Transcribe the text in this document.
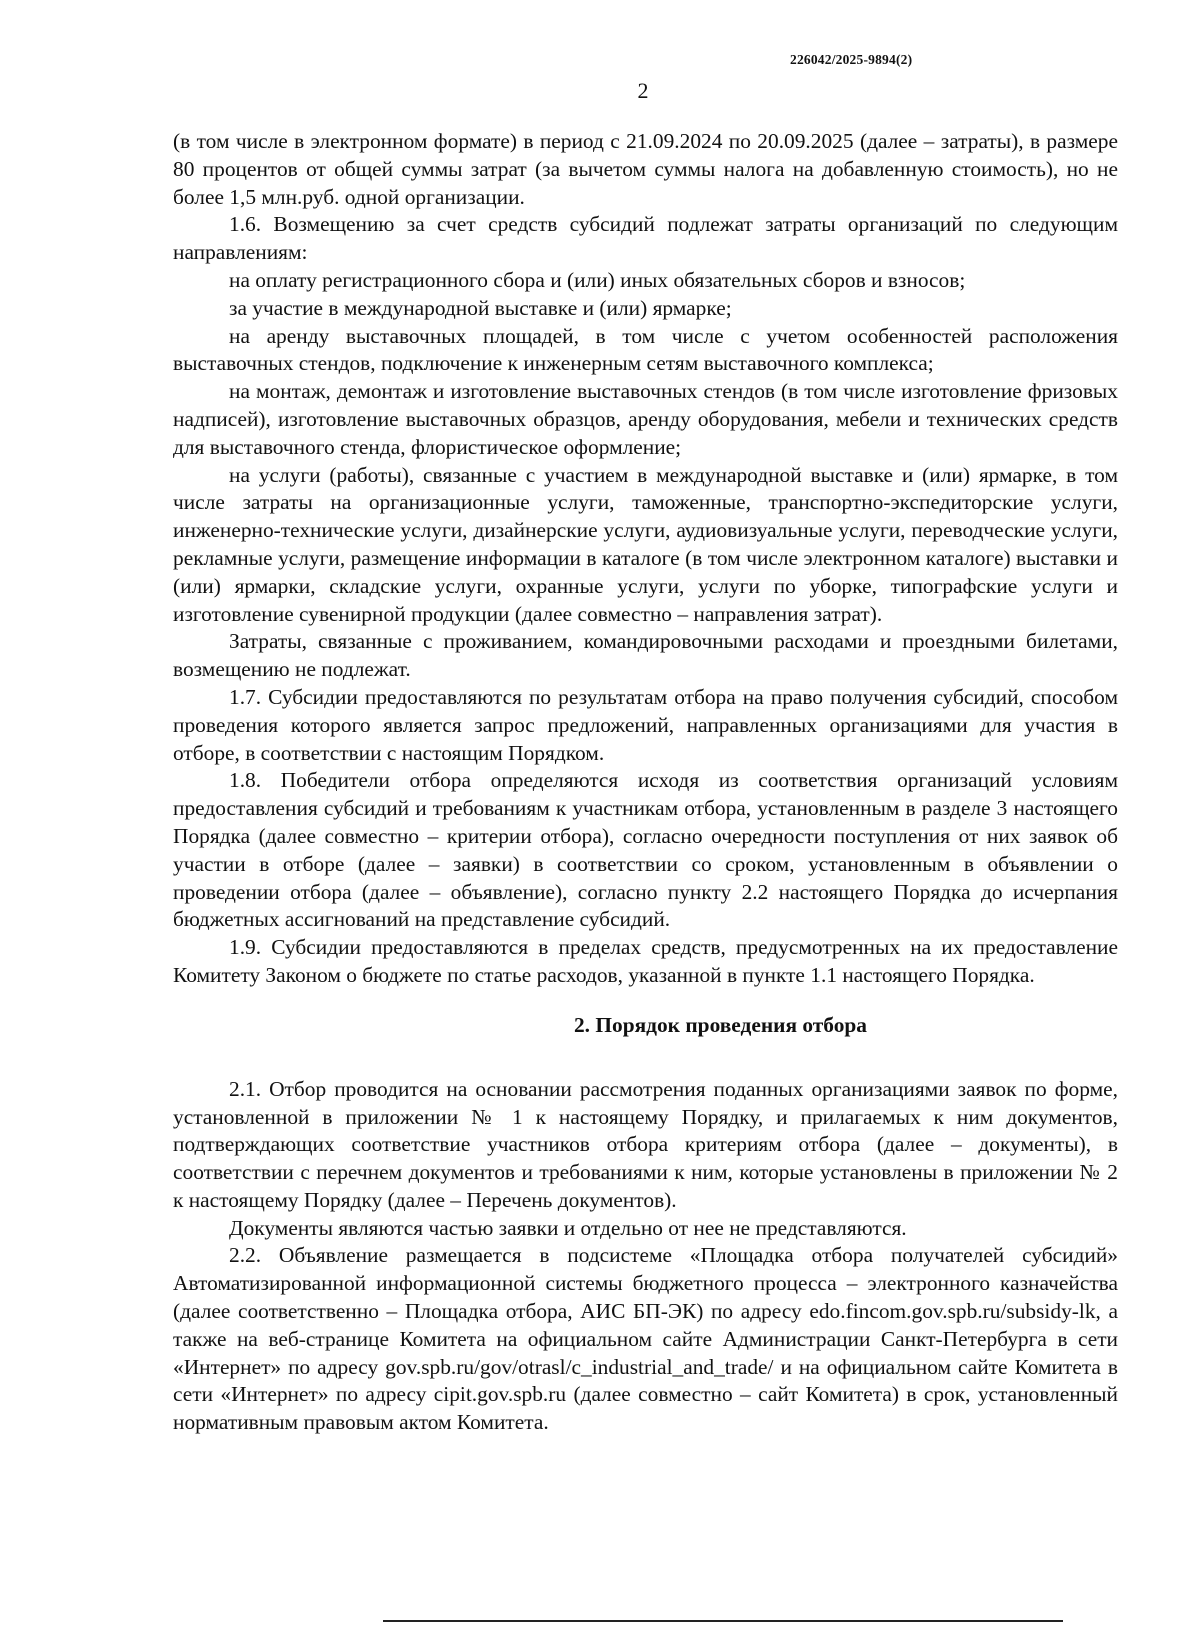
226042/2025-9894(2)
2

(в том числе в электронном формате) в период с 21.09.2024 по 20.09.2025 (далее – затраты), в размере 80 процентов от общей суммы затрат (за вычетом суммы налога на добавленную стоимость), но не более 1,5 млн.руб. одной организации.

1.6. Возмещению за счет средств субсидий подлежат затраты организаций по следующим направлениям:

на оплату регистрационного сбора и (или) иных обязательных сборов и взносов;

за участие в международной выставке и (или) ярмарке;

на аренду выставочных площадей, в том числе с учетом особенностей расположения выставочных стендов, подключение к инженерным сетям выставочного комплекса;

на монтаж, демонтаж и изготовление выставочных стендов (в том числе изготовление фризовых надписей), изготовление выставочных образцов, аренду оборудования, мебели и технических средств для выставочного стенда, флористическое оформление;

на услуги (работы), связанные с участием в международной выставке и (или) ярмарке, в том числе затраты на организационные услуги, таможенные, транспортно-экспедиторские услуги, инженерно-технические услуги, дизайнерские услуги, аудиовизуальные услуги, переводческие услуги, рекламные услуги, размещение информации в каталоге (в том числе электронном каталоге) выставки и (или) ярмарки, складские услуги, охранные услуги, услуги по уборке, типографские услуги и изготовление сувенирной продукции (далее совместно – направления затрат).

Затраты, связанные с проживанием, командировочными расходами и проездными билетами, возмещению не подлежат.

1.7. Субсидии предоставляются по результатам отбора на право получения субсидий, способом проведения которого является запрос предложений, направленных организациями для участия в отборе, в соответствии с настоящим Порядком.

1.8. Победители отбора определяются исходя из соответствия организаций условиям предоставления субсидий и требованиям к участникам отбора, установленным в разделе 3 настоящего Порядка (далее совместно – критерии отбора), согласно очередности поступления от них заявок об участии в отборе (далее – заявки) в соответствии со сроком, установленным в объявлении о проведении отбора (далее – объявление), согласно пункту 2.2 настоящего Порядка до исчерпания бюджетных ассигнований на представление субсидий.

1.9. Субсидии предоставляются в пределах средств, предусмотренных на их предоставление Комитету Законом о бюджете по статье расходов, указанной в пункте 1.1 настоящего Порядка.

2. Порядок проведения отбора

2.1. Отбор проводится на основании рассмотрения поданных организациями заявок по форме, установленной в приложении № 1 к настоящему Порядку, и прилагаемых к ним документов, подтверждающих соответствие участников отбора критериям отбора (далее – документы), в соответствии с перечнем документов и требованиями к ним, которые установлены в приложении № 2 к настоящему Порядку (далее – Перечень документов).

Документы являются частью заявки и отдельно от нее не представляются.

2.2. Объявление размещается в подсистеме «Площадка отбора получателей субсидий» Автоматизированной информационной системы бюджетного процесса – электронного казначейства (далее соответственно – Площадка отбора, АИС БП-ЭК) по адресу edo.fincom.gov.spb.ru/subsidy-lk, а также на веб-странице Комитета на официальном сайте Администрации Санкт-Петербурга в сети «Интернет» по адресу gov.spb.ru/gov/otrasl/c_industrial_and_trade/ и на официальном сайте Комитета в сети «Интернет» по адресу cipit.gov.spb.ru (далее совместно – сайт Комитета) в срок, установленный нормативным правовым актом Комитета.
